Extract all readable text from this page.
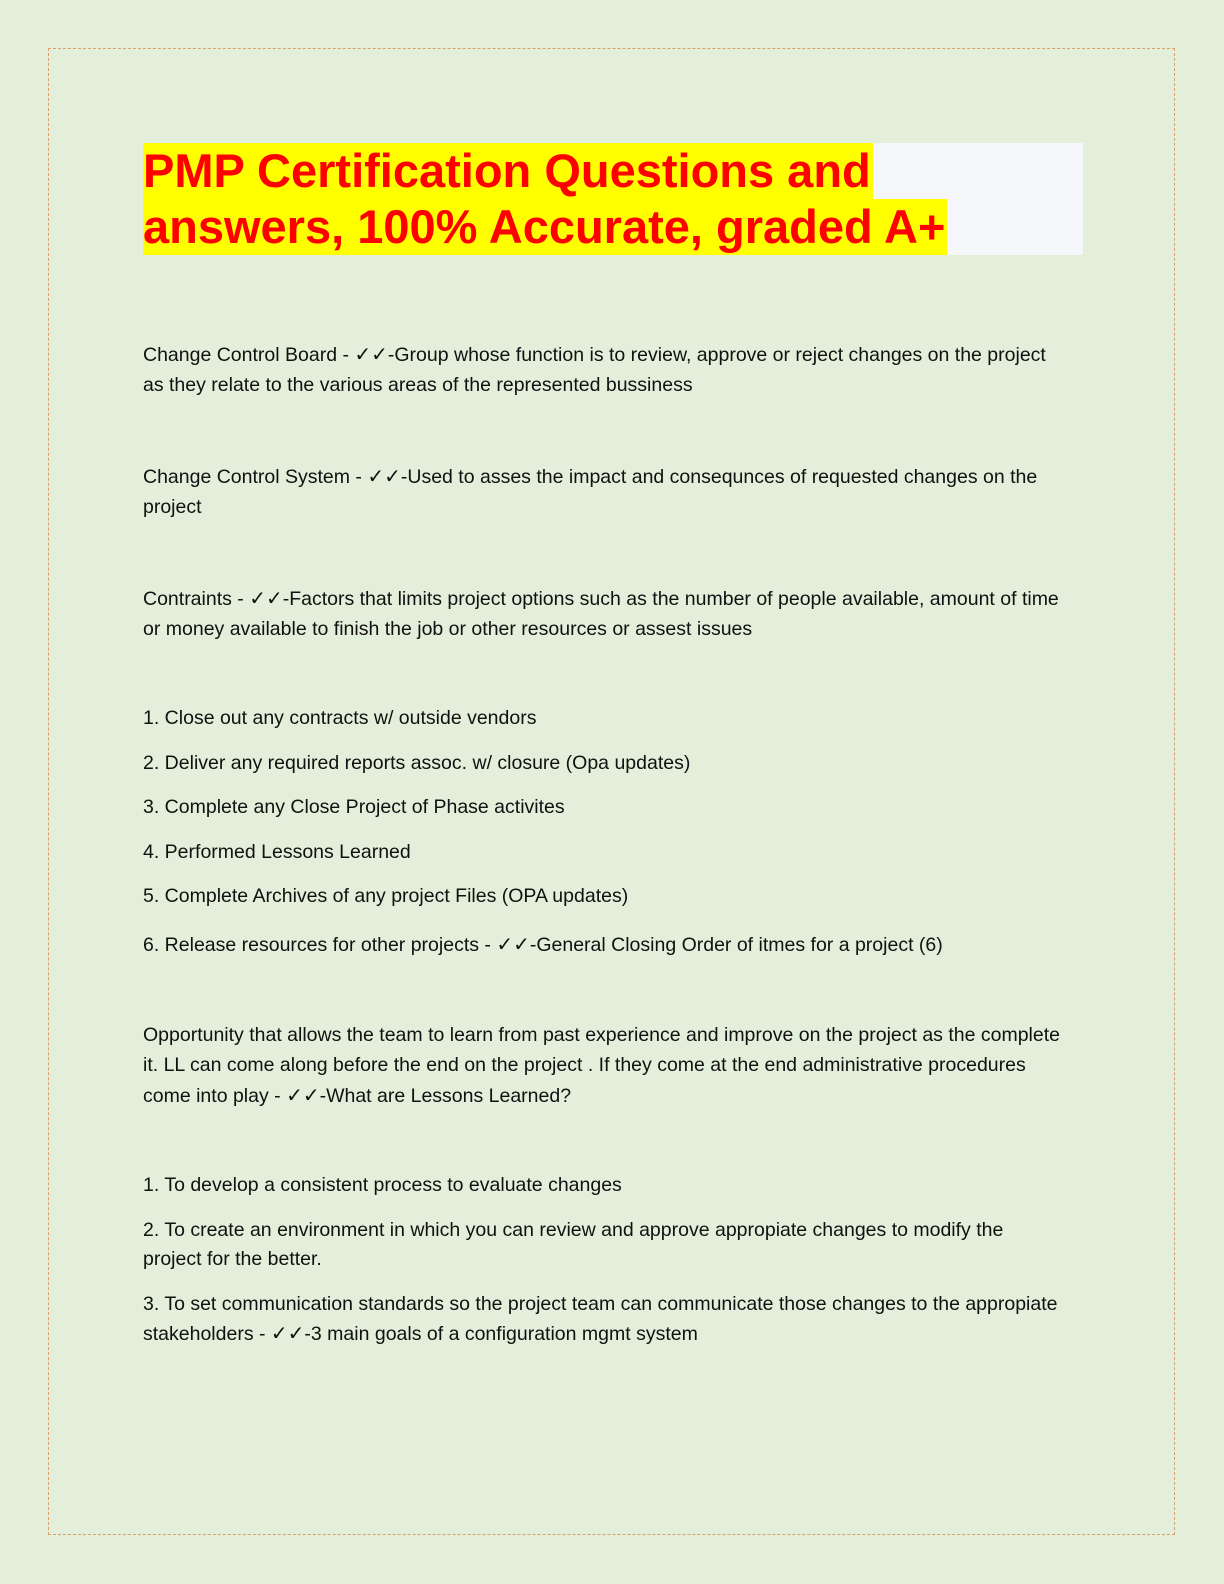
PMP Certification Questions and
answers, 100% Accurate, graded A+

Change Control Board - ✓✓-Group whose function is to review, approve or reject changes on the project as they relate to the various areas of the represented bussiness

Change Control System - ✓✓-Used to asses the impact and consequnces of requested changes on the project

Contraints - ✓✓-Factors that limits project options such as the number of people available, amount of time or money available to finish the job or other resources or assest issues

1. Close out any contracts w/ outside vendors

2. Deliver any required reports assoc. w/ closure (Opa updates)

3. Complete any Close Project of Phase activites

4. Performed Lessons Learned

5. Complete Archives of any project Files (OPA updates)

6. Release resources for other projects - ✓✓-General Closing Order of itmes for a project (6)

Opportunity that allows the team to learn from past experience and improve on the project as the complete it. LL can come along before the end on the project . If they come at the end administrative procedures come into play - ✓✓-What are Lessons Learned?

1. To develop a consistent process to evaluate changes

2. To create an environment in which you can review and approve appropiate changes to modify the project for the better.

3. To set communication standards so the project team can communicate those changes to the appropiate stakeholders - ✓✓-3 main goals of a configuration mgmt system
